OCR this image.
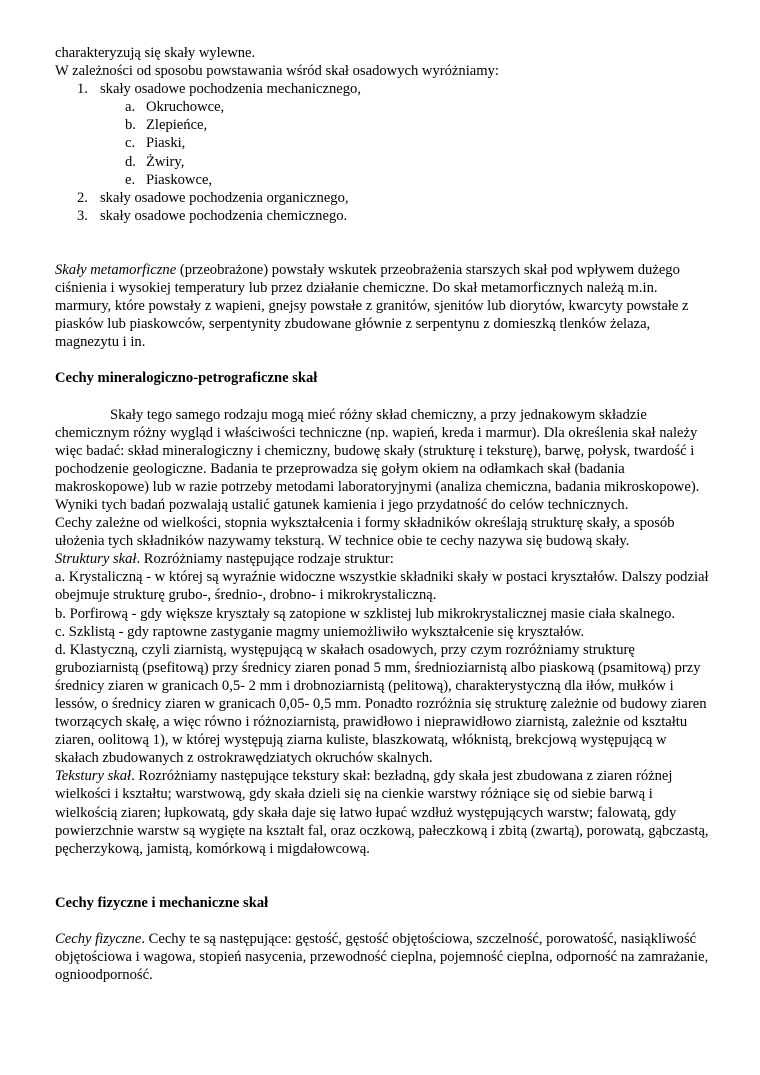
charakteryzują się skały wylewne.

W zależności od sposobu powstawania wśród skał osadowych wyróżniamy:

1. skały osadowe pochodzenia mechanicznego,
a. Okruchowce,
b. Zlepieńce,
c. Piaski,
d. Żwiry,
e. Piaskowce,
2. skały osadowe pochodzenia organicznego,
3. skały osadowe pochodzenia chemicznego.

Skały metamorficzne (przeobrażone) powstały wskutek przeobrażenia starszych skał pod wpływem dużego ciśnienia i wysokiej temperatury lub przez działanie chemiczne. Do skał metamorficznych należą m.in. marmury, które powstały z wapieni, gnejsy powstałe z granitów, sjenitów lub diorytów, kwarcyty powstałe z piasków lub piaskowców, serpentynity zbudowane głównie z serpentynu z domieszką tlenków żelaza, magnezytu i in.

Cechy mineralogiczno-petrograficzne skał

Skały tego samego rodzaju mogą mieć różny skład chemiczny, a przy jednakowym składzie chemicznym różny wygląd i właściwości techniczne (np. wapień, kreda i marmur). Dla określenia skał należy więc badać: skład mineralogiczny i chemiczny, budowę skały (strukturę i teksturę), barwę, połysk, twardość i pochodzenie geologiczne. Badania te przeprowadza się gołym okiem na odłamkach skał (badania makroskopowe) lub w razie potrzeby metodami laboratoryjnymi (analiza chemiczna, badania mikroskopowe). Wyniki tych badań pozwalają ustalić gatunek kamienia i jego przydatność do celów technicznych.

Cechy zależne od wielkości, stopnia wykształcenia i formy składników określają strukturę skały, a sposób ułożenia tych składników nazywamy teksturą. W technice obie te cechy nazywa się budową skały.

Struktury skał. Rozróżniamy następujące rodzaje struktur:

a. Krystaliczną - w której są wyraźnie widoczne wszystkie składniki skały w postaci kryształów. Dalszy podział obejmuje strukturę grubo-, średnio-, drobno- i mikrokrystaliczną.

b. Porfirową - gdy większe kryształy są zatopione w szklistej lub mikrokrystalicznej masie ciała skalnego.

c. Szklistą - gdy raptowne zastyganie magmy uniemożliwiło wykształcenie się kryształów.

d. Klastyczną, czyli ziarnistą, występującą w skałach osadowych, przy czym rozróżniamy strukturę gruboziarnistą (psefitową) przy średnicy ziaren ponad 5 mm, średnioziarnistą albo piaskową (psamitową) przy średnicy ziaren w granicach 0,5- 2 mm i drobnoziarnistą (pelitową), charakterystyczną dla iłów, mułków i lessów, o średnicy ziaren w granicach 0,05- 0,5 mm. Ponadto rozróżnia się strukturę zależnie od budowy ziaren tworzących skałę, a więc równo i różnoziarnistą, prawidłowo i nieprawidłowo ziarnistą, zależnie od kształtu ziaren, oolitową 1), w której występują ziarna kuliste, blaszkowatą, włóknistą, brekcjową występującą w skałach zbudowanych z ostrokrawędziatych okruchów skalnych.

Tekstury skał. Rozróżniamy następujące tekstury skał: bezładną, gdy skała jest zbudowana z ziaren różnej wielkości i kształtu; warstwową, gdy skała dzieli się na cienkie warstwy różniące się od siebie barwą i wielkością ziaren; łupkowatą, gdy skała daje się łatwo łupać wzdłuż występujących warstw; falowatą, gdy powierzchnie warstw są wygięte na kształt fal, oraz oczkową, pałeczkową i zbitą (zwartą), porowatą, gąbczastą, pęcherzykową, jamistą, komórkową i migdałowcową.

Cechy fizyczne i mechaniczne skał

Cechy fizyczne. Cechy te są następujące: gęstość, gęstość objętościowa, szczelność, porowatość, nasiąkliwość objętościowa i wagowa, stopień nasycenia, przewodność cieplna, pojemność cieplna, odporność na zamrażanie, ognioodporność.
